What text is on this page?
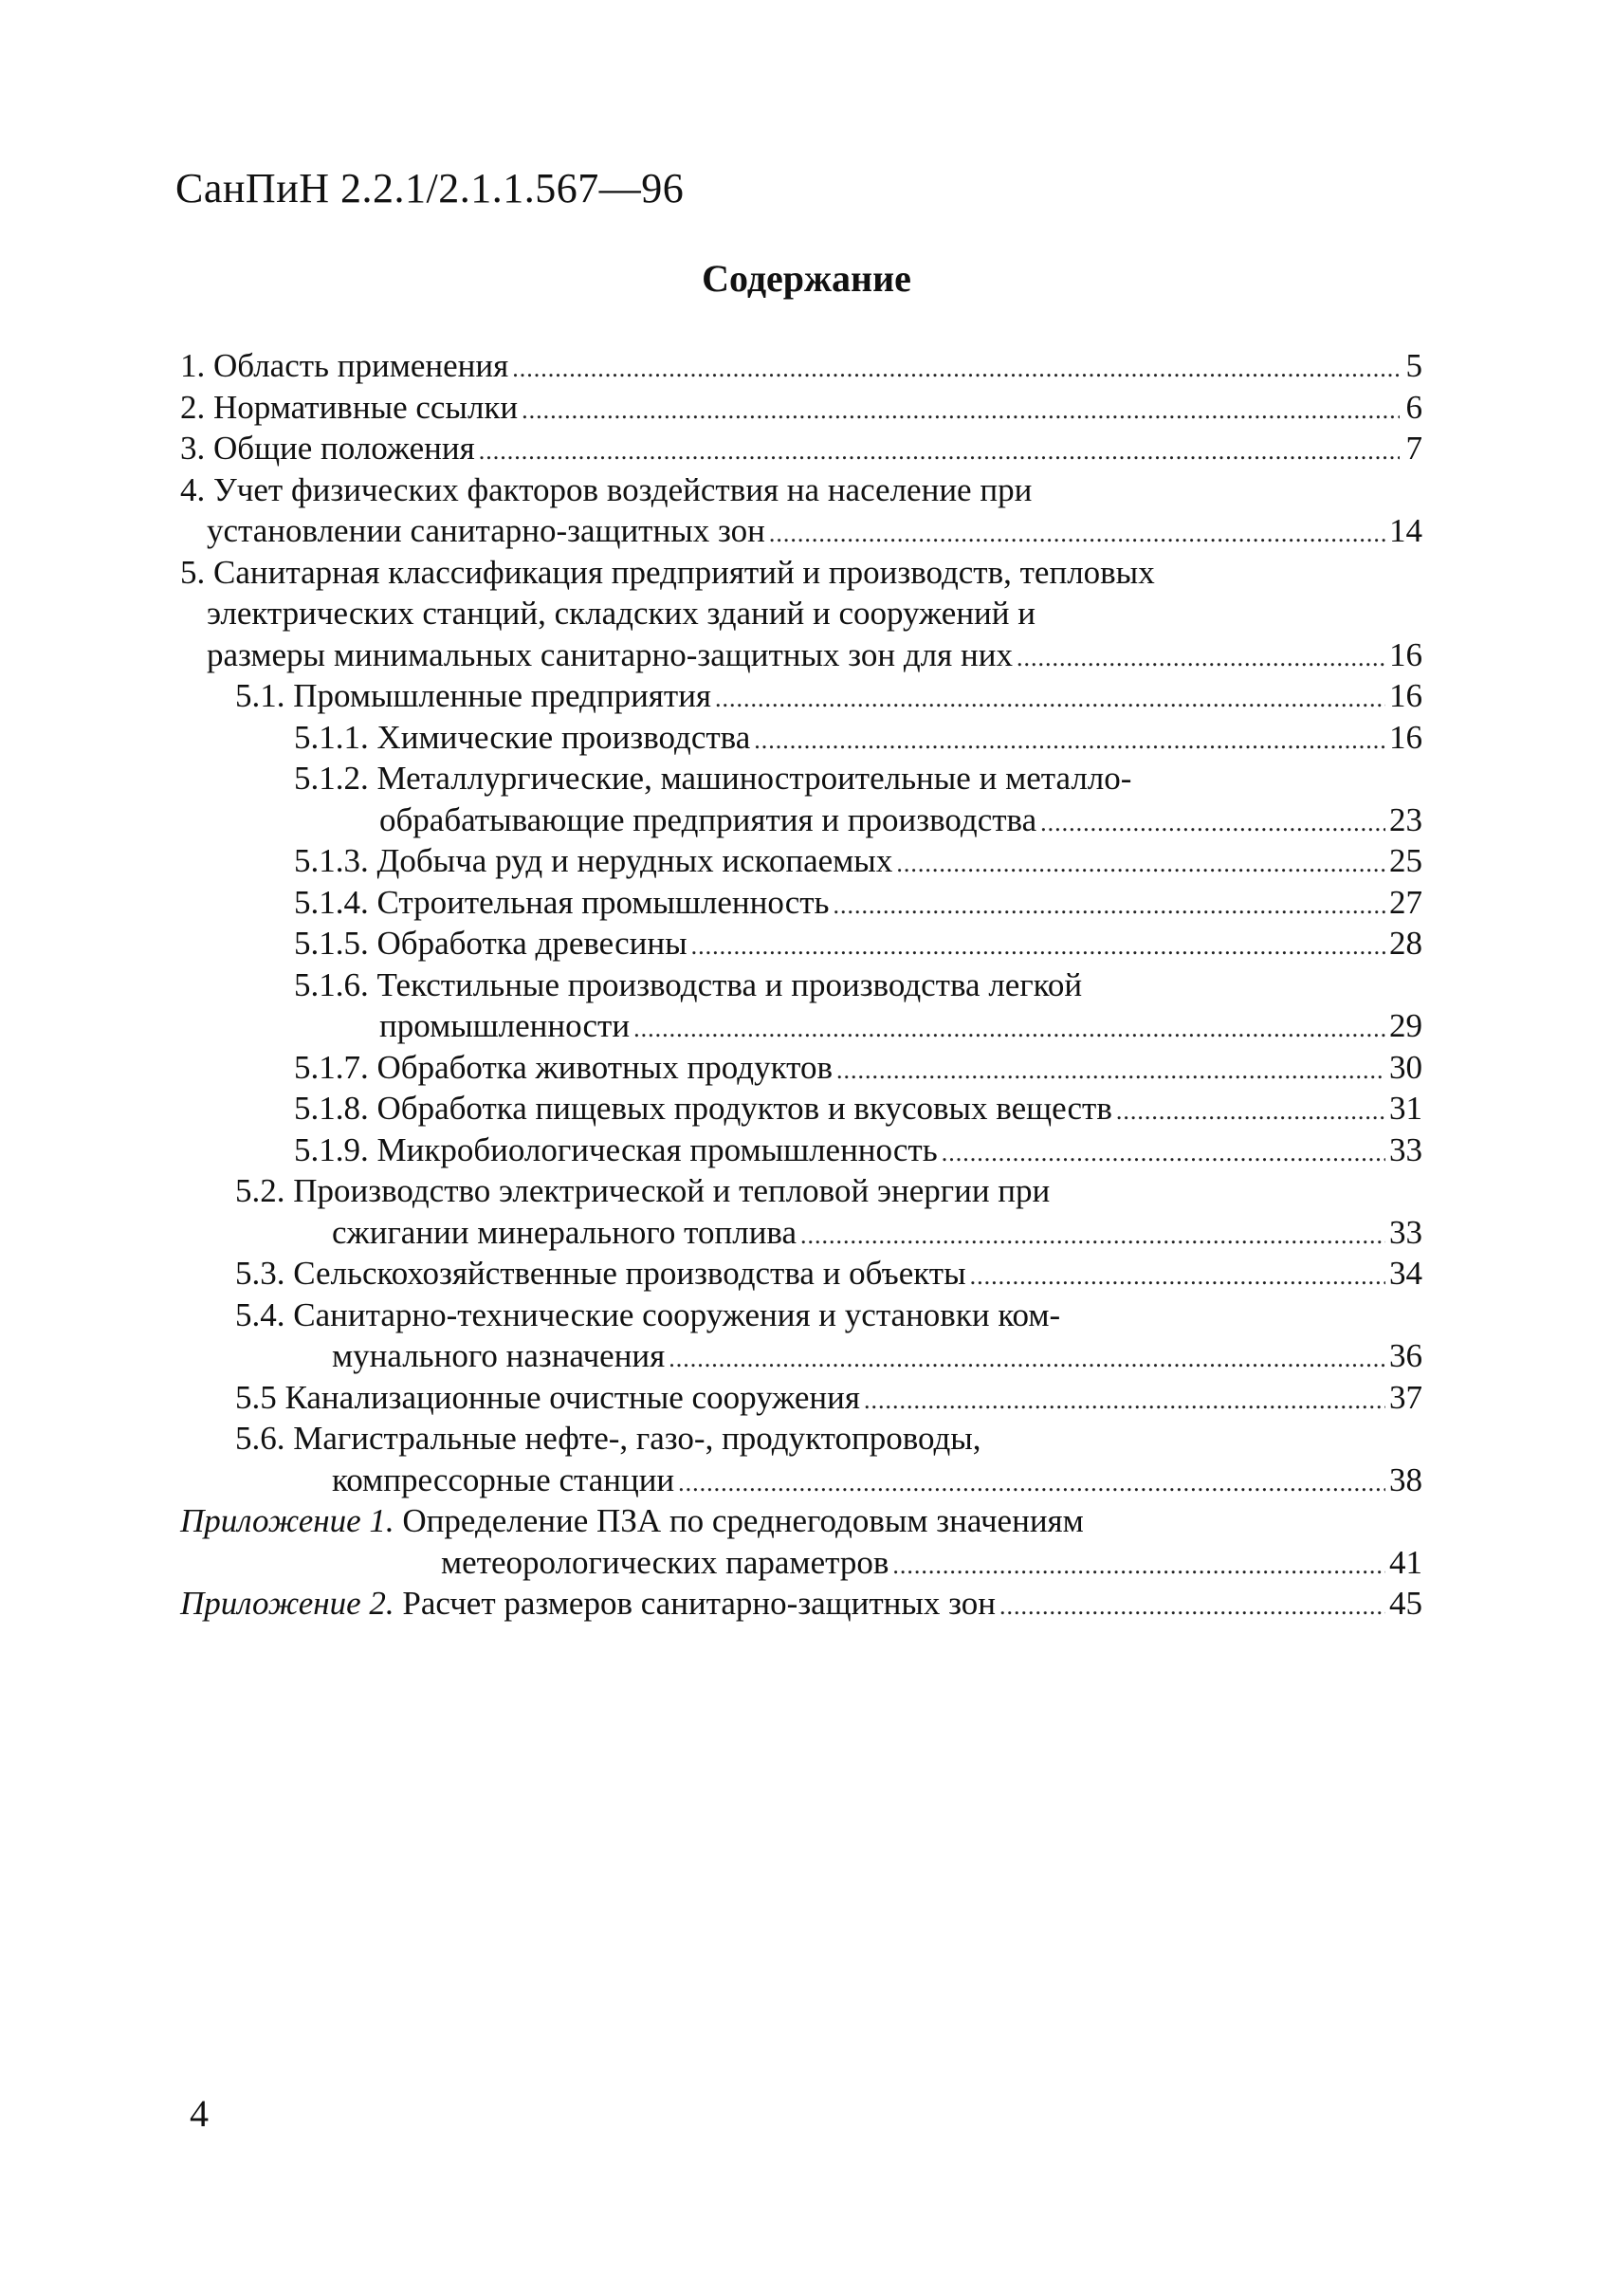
СанПиН 2.2.1/2.1.1.567—96
Содержание
1. Область применения .....	5
2. Нормативные ссылки .....	6
3. Общие положения .....	7
4. Учет физических факторов воздействия на население при
установлении санитарно-защитных зон .....	14
5. Санитарная классификация предприятий и производств, тепловых
электрических станций, складских зданий и сооружений и
размеры минимальных санитарно-защитных зон для них .....	16
5.1. Промышленные предприятия .....	16
5.1.1. Химические производства .....	16
5.1.2. Металлургические, машиностроительные и металло-
обрабатывающие предприятия и производства .....	23
5.1.3. Добыча руд и нерудных ископаемых .....	25
5.1.4. Строительная промышленность .....	27
5.1.5. Обработка древесины .....	28
5.1.6. Текстильные производства и производства легкой
промышленности .....	29
5.1.7. Обработка животных продуктов .....	30
5.1.8. Обработка пищевых продуктов и вкусовых веществ .....	31
5.1.9. Микробиологическая промышленность .....	33
5.2. Производство электрической и тепловой энергии при
сжигании минерального топлива .....	33
5.3. Сельскохозяйственные производства и объекты .....	34
5.4. Санитарно-технические сооружения и установки ком-
мунального назначения .....	36
5.5 Канализационные очистные сооружения .....	37
5.6. Магистральные нефте-, газо-, продуктопроводы,
компрессорные станции .....	38
Приложение 1. Определение ПЗА по среднегодовым значениям
метеорологических параметров .....	41
Приложение 2. Расчет размеров санитарно-защитных зон .....	45
4
